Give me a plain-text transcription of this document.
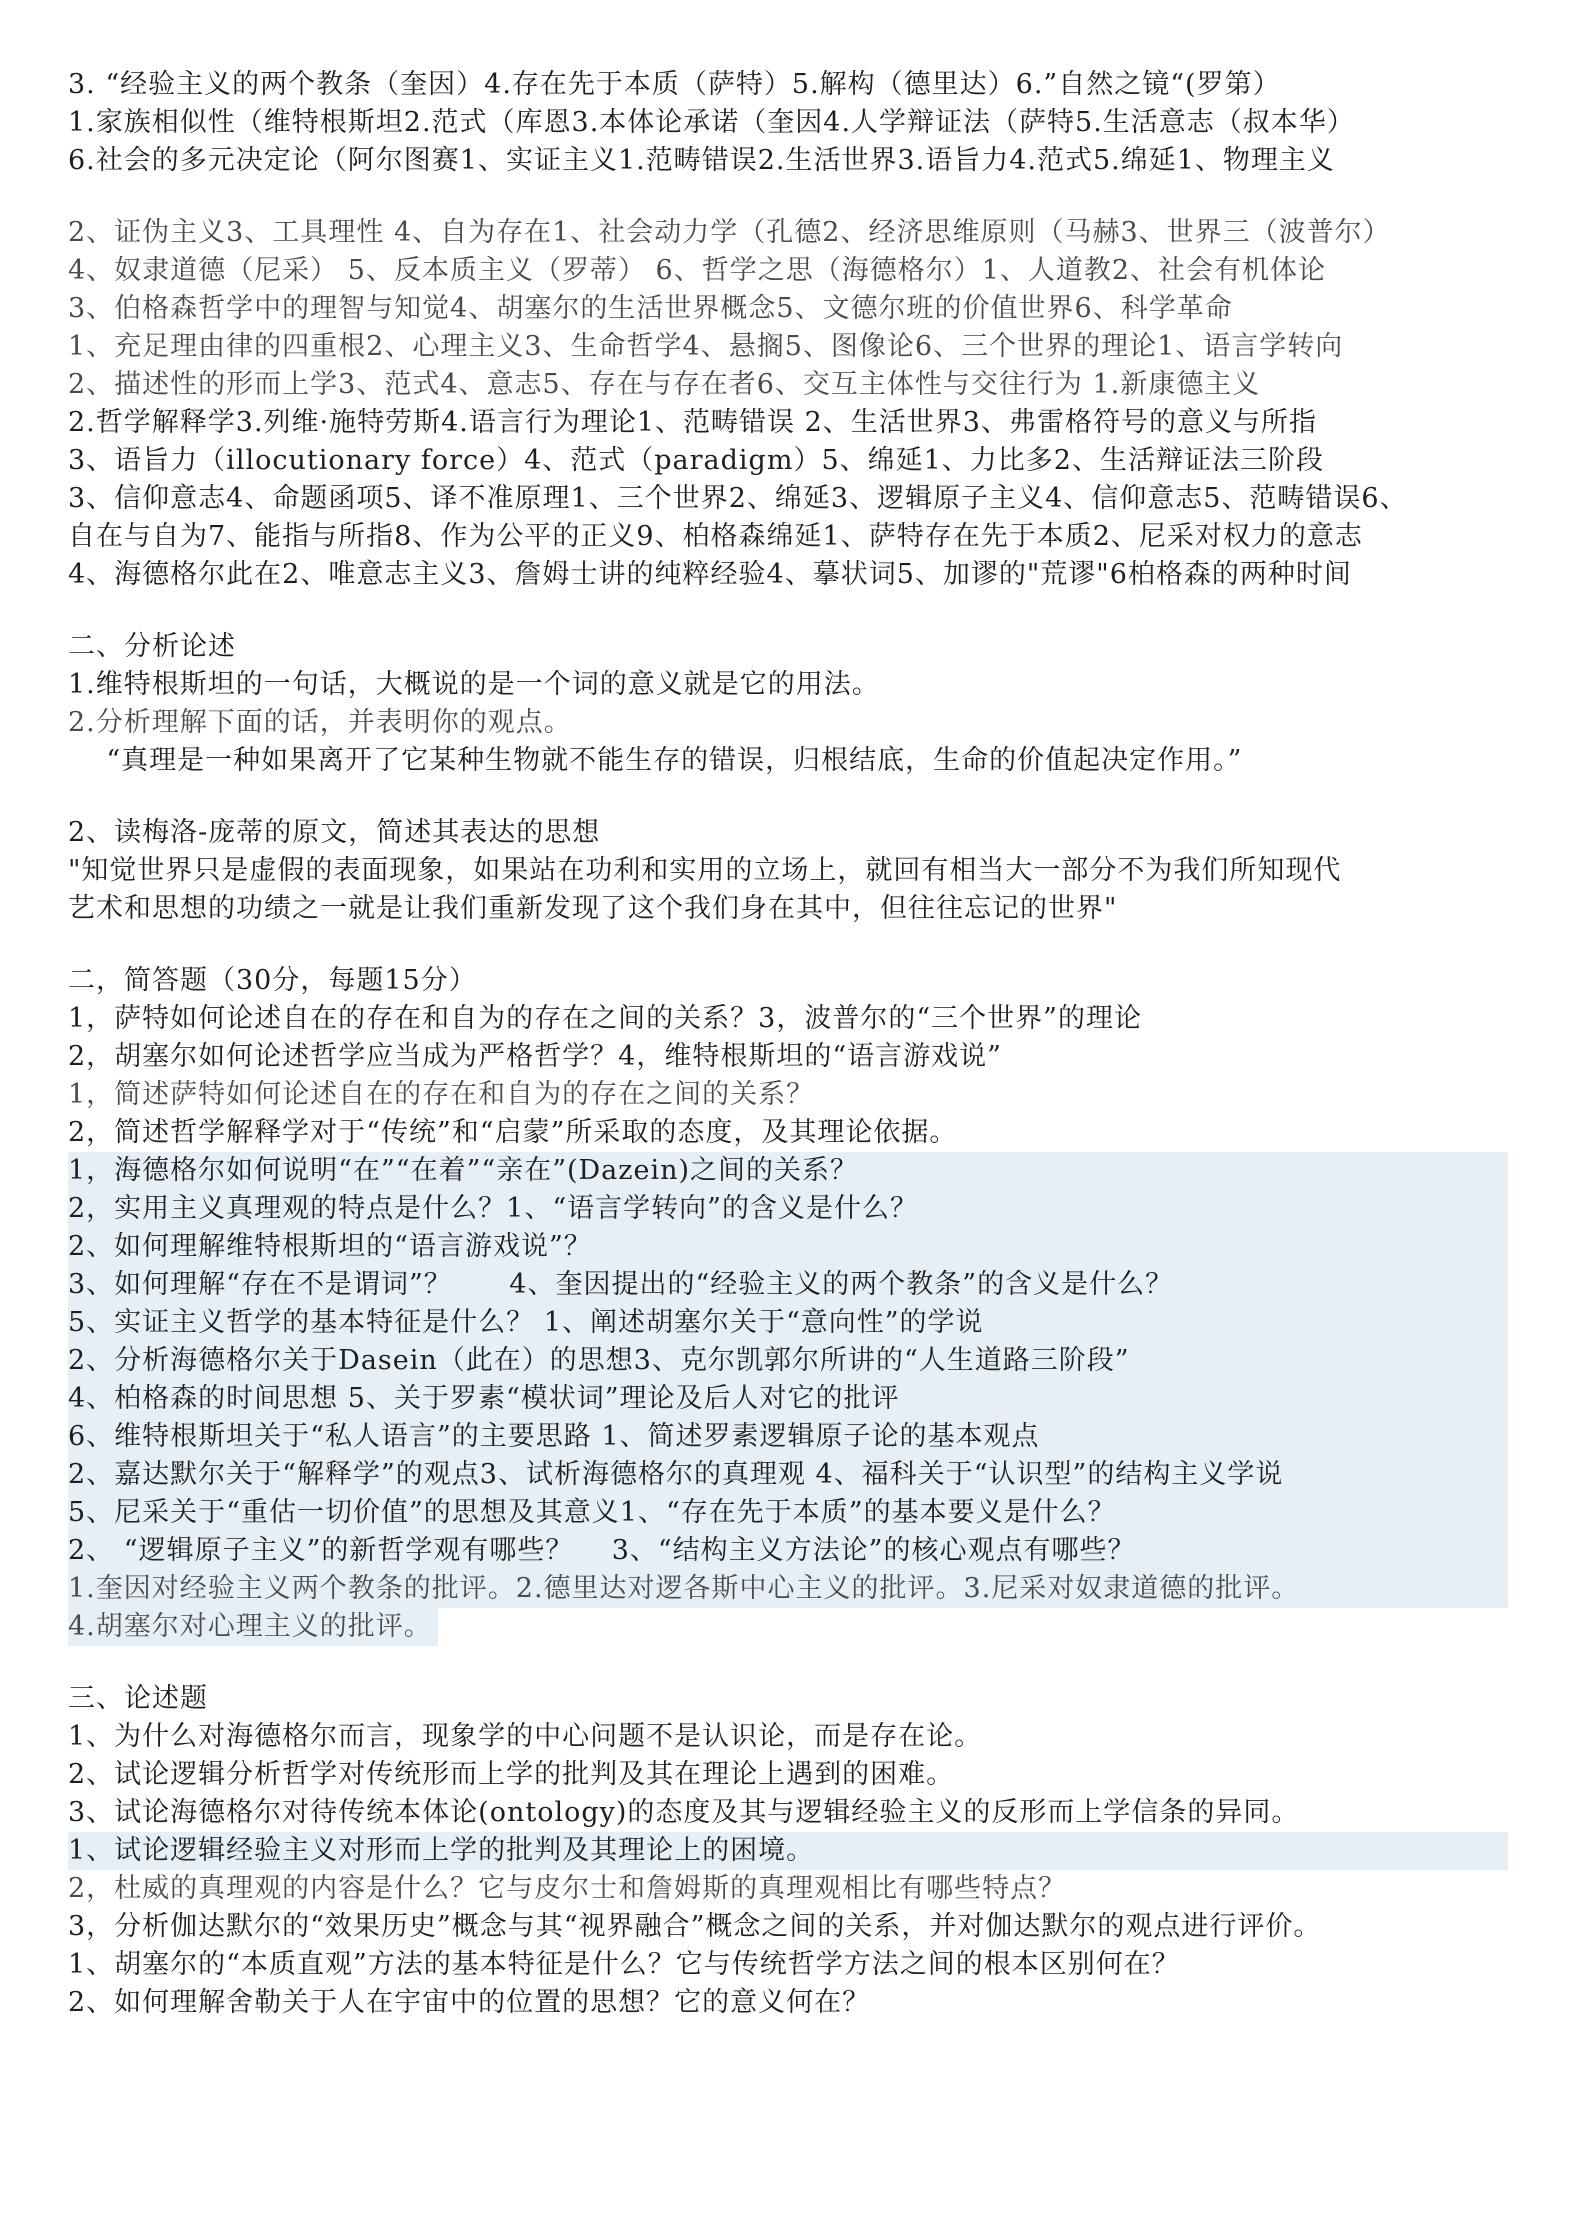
3. “经验主义的两个教条（奎因）4.存在先于本质（萨特）5.解构（德里达）6.”自然之镜“(罗第）
1.家族相似性（维特根斯坦2.范式（库恩3.本体论承诺（奎因4.人学辩证法（萨特5.生活意志（叔本华）
6.社会的多元决定论（阿尔图赛1、实证主义1.范畴错误2.生活世界3.语旨力4.范式5.绵延1、物理主义
2、证伪主义3、工具理性 4、自为存在1、社会动力学（孔德2、经济思维原则（马赫3、世界三（波普尔）
4、奴隶道德（尼采） 5、反本质主义（罗蒂） 6、哲学之思（海德格尔）1、人道教2、社会有机体论
3、伯格森哲学中的理智与知觉4、胡塞尔的生活世界概念5、文德尔班的价值世界6、科学革命
1、充足理由律的四重根2、心理主义3、生命哲学4、悬搁5、图像论6、三个世界的理论1、语言学转向
2、描述性的形而上学3、范式4、意志5、存在与存在者6、交互主体性与交往行为 1.新康德主义
2.哲学解释学3.列维·施特劳斯4.语言行为理论1、范畴错误 2、生活世界3、弗雷格符号的意义与所指
3、语旨力（illocutionary force）4、范式（paradigm）5、绵延1、力比多2、生活辩证法三阶段
3、信仰意志4、命题函项5、译不准原理1、三个世界2、绵延3、逻辑原子主义4、信仰意志5、范畴错误6、
自在与自为7、能指与所指8、作为公平的正义9、柏格森绵延1、萨特存在先于本质2、尼采对权力的意志
4、海德格尔此在2、唯意志主义3、詹姆士讲的纯粹经验4、摹状词5、加谬的"荒谬"6柏格森的两种时间
二、分析论述
1.维特根斯坦的一句话，大概说的是一个词的意义就是它的用法。
2.分析理解下面的话，并表明你的观点。
“真理是一种如果离开了它某种生物就不能生存的错误，归根结底，生命的价值起决定作用。”
2、读梅洛-庞蒂的原文，简述其表达的思想
"知觉世界只是虚假的表面现象，如果站在功利和实用的立场上，就回有相当大一部分不为我们所知现代
艺术和思想的功绩之一就是让我们重新发现了这个我们身在其中，但往往忘记的世界"
二，简答题（30分，每题15分）
1，萨特如何论述自在的存在和自为的存在之间的关系？3，波普尔的“三个世界”的理论
2，胡塞尔如何论述哲学应当成为严格哲学？4，维特根斯坦的“语言游戏说”
1，简述萨特如何论述自在的存在和自为的存在之间的关系？
2，简述哲学解释学对于“传统”和“启蒙”所采取的态度，及其理论依据。
1，海德格尔如何说明“在”“在着”“亲在”(Dazein)之间的关系？
2，实用主义真理观的特点是什么？1、“语言学转向”的含义是什么？
2、如何理解维特根斯坦的“语言游戏说”？
3、如何理解“存在不是谓词”？      4、奎因提出的“经验主义的两个教条”的含义是什么？
5、实证主义哲学的基本特征是什么？ 1、阐述胡塞尔关于“意向性”的学说
2、分析海德格尔关于Dasein（此在）的思想3、克尔凯郭尔所讲的“人生道路三阶段”
4、柏格森的时间思想 5、关于罗素“模状词”理论及后人对它的批评
6、维特根斯坦关于“私人语言”的主要思路 1、简述罗素逻辑原子论的基本观点
2、嘉达默尔关于“解释学”的观点3、试析海德格尔的真理观 4、福科关于“认识型”的结构主义学说
5、尼采关于“重估一切价值”的思想及其意义1、“存在先于本质”的基本要义是什么？
2、 “逻辑原子主义”的新哲学观有哪些？    3、“结构主义方法论”的核心观点有哪些？
1.奎因对经验主义两个教条的批评。2.德里达对逻各斯中心主义的批评。3.尼采对奴隶道德的批评。
4.胡塞尔对心理主义的批评。
三、论述题
1、为什么对海德格尔而言，现象学的中心问题不是认识论，而是存在论。
2、试论逻辑分析哲学对传统形而上学的批判及其在理论上遇到的困难。
3、试论海德格尔对待传统本体论(ontology)的态度及其与逻辑经验主义的反形而上学信条的异同。
1、试论逻辑经验主义对形而上学的批判及其理论上的困境。
2，杜威的真理观的内容是什么？它与皮尔士和詹姆斯的真理观相比有哪些特点？
3，分析伽达默尔的“效果历史”概念与其“视界融合”概念之间的关系，并对伽达默尔的观点进行评价。
1、胡塞尔的“本质直观”方法的基本特征是什么？它与传统哲学方法之间的根本区别何在？
2、如何理解舍勒关于人在宇宙中的位置的思想？它的意义何在？
